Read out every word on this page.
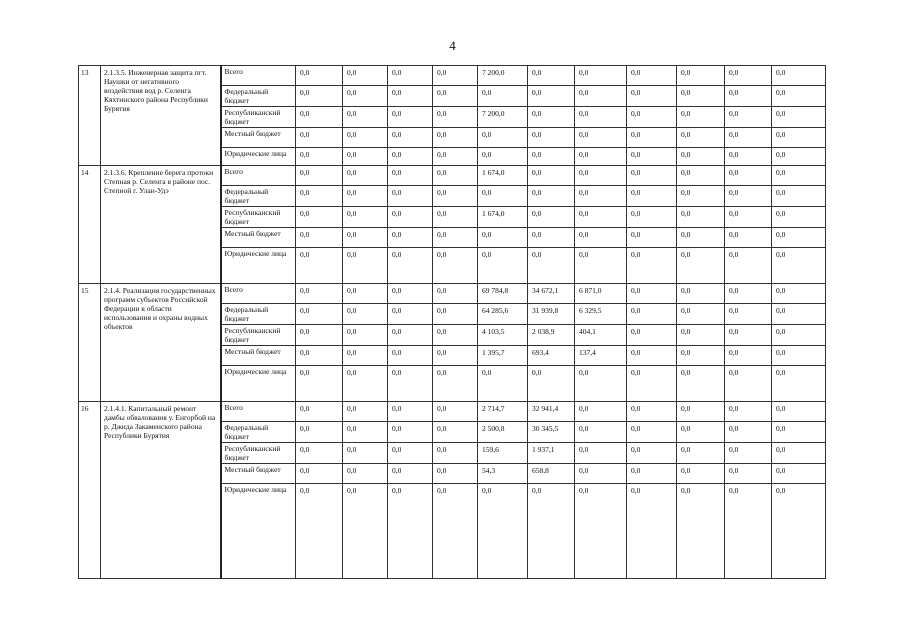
4
13	2.1.3.5. Инженерная защита пгт. Наушки от негативного воздействия вод р. Селенга Кяхтинского района Республики Бурятия	Всего	0,0	0,0	0,0	0,0	7 200,0	0,0	0,0	0,0	0,0	0,0	0,0
		Федеральный бюджет	0,0	0,0	0,0	0,0	0,0	0,0	0,0	0,0	0,0	0,0	0,0
		Республиканский бюджет	0,0	0,0	0,0	0,0	7 200,0	0,0	0,0	0,0	0,0	0,0	0,0
		Местный бюджет	0,0	0,0	0,0	0,0	0,0	0,0	0,0	0,0	0,0	0,0	0,0
		Юридические лица	0,0	0,0	0,0	0,0	0,0	0,0	0,0	0,0	0,0	0,0	0,0
14	2.1.3.6. Крепление берега протоки Степная р. Селенга в районе пос. Степной г. Улан-Удэ	Всего	0,0	0,0	0,0	0,0	1 674,0	0,0	0,0	0,0	0,0	0,0	0,0
		Федеральный бюджет	0,0	0,0	0,0	0,0	0,0	0,0	0,0	0,0	0,0	0,0	0,0
		Республиканский бюджет	0,0	0,0	0,0	0,0	1 674,0	0,0	0,0	0,0	0,0	0,0	0,0
		Местный бюджет	0,0	0,0	0,0	0,0	0,0	0,0	0,0	0,0	0,0	0,0	0,0
		Юридические лица	0,0	0,0	0,0	0,0	0,0	0,0	0,0	0,0	0,0	0,0	0,0
15	2.1.4. Реализация государственных программ субъектов Российской Федерации в области использования и охраны водных объектов	Всего	0,0	0,0	0,0	0,0	69 784,8	34 672,1	6 871,0	0,0	0,0	0,0	0,0
		Федеральный бюджет	0,0	0,0	0,0	0,0	64 285,6	31 939,8	6 329,5	0,0	0,0	0,0	0,0
		Республиканский бюджет	0,0	0,0	0,0	0,0	4 103,5	2 038,9	404,1	0,0	0,0	0,0	0,0
		Местный бюджет	0,0	0,0	0,0	0,0	1 395,7	693,4	137,4	0,0	0,0	0,0	0,0
		Юридические лица	0,0	0,0	0,0	0,0	0,0	0,0	0,0	0,0	0,0	0,0	0,0
16	2.1.4.1. Капитальный ремонт дамбы обвалования у. Енгорбой на р. Джида Закаменского района Республики Бурятия	Всего	0,0	0,0	0,0	0,0	2 714,7	32 941,4	0,0	0,0	0,0	0,0	0,0
		Федеральный бюджет	0,0	0,0	0,0	0,0	2 500,8	30 345,5	0,0	0,0	0,0	0,0	0,0
		Республиканский бюджет	0,0	0,0	0,0	0,0	159,6	1 937,1	0,0	0,0	0,0	0,0	0,0
		Местный бюджет	0,0	0,0	0,0	0,0	54,3	658,8	0,0	0,0	0,0	0,0	0,0
		Юридические лица	0,0	0,0	0,0	0,0	0,0	0,0	0,0	0,0	0,0	0,0	0,0
